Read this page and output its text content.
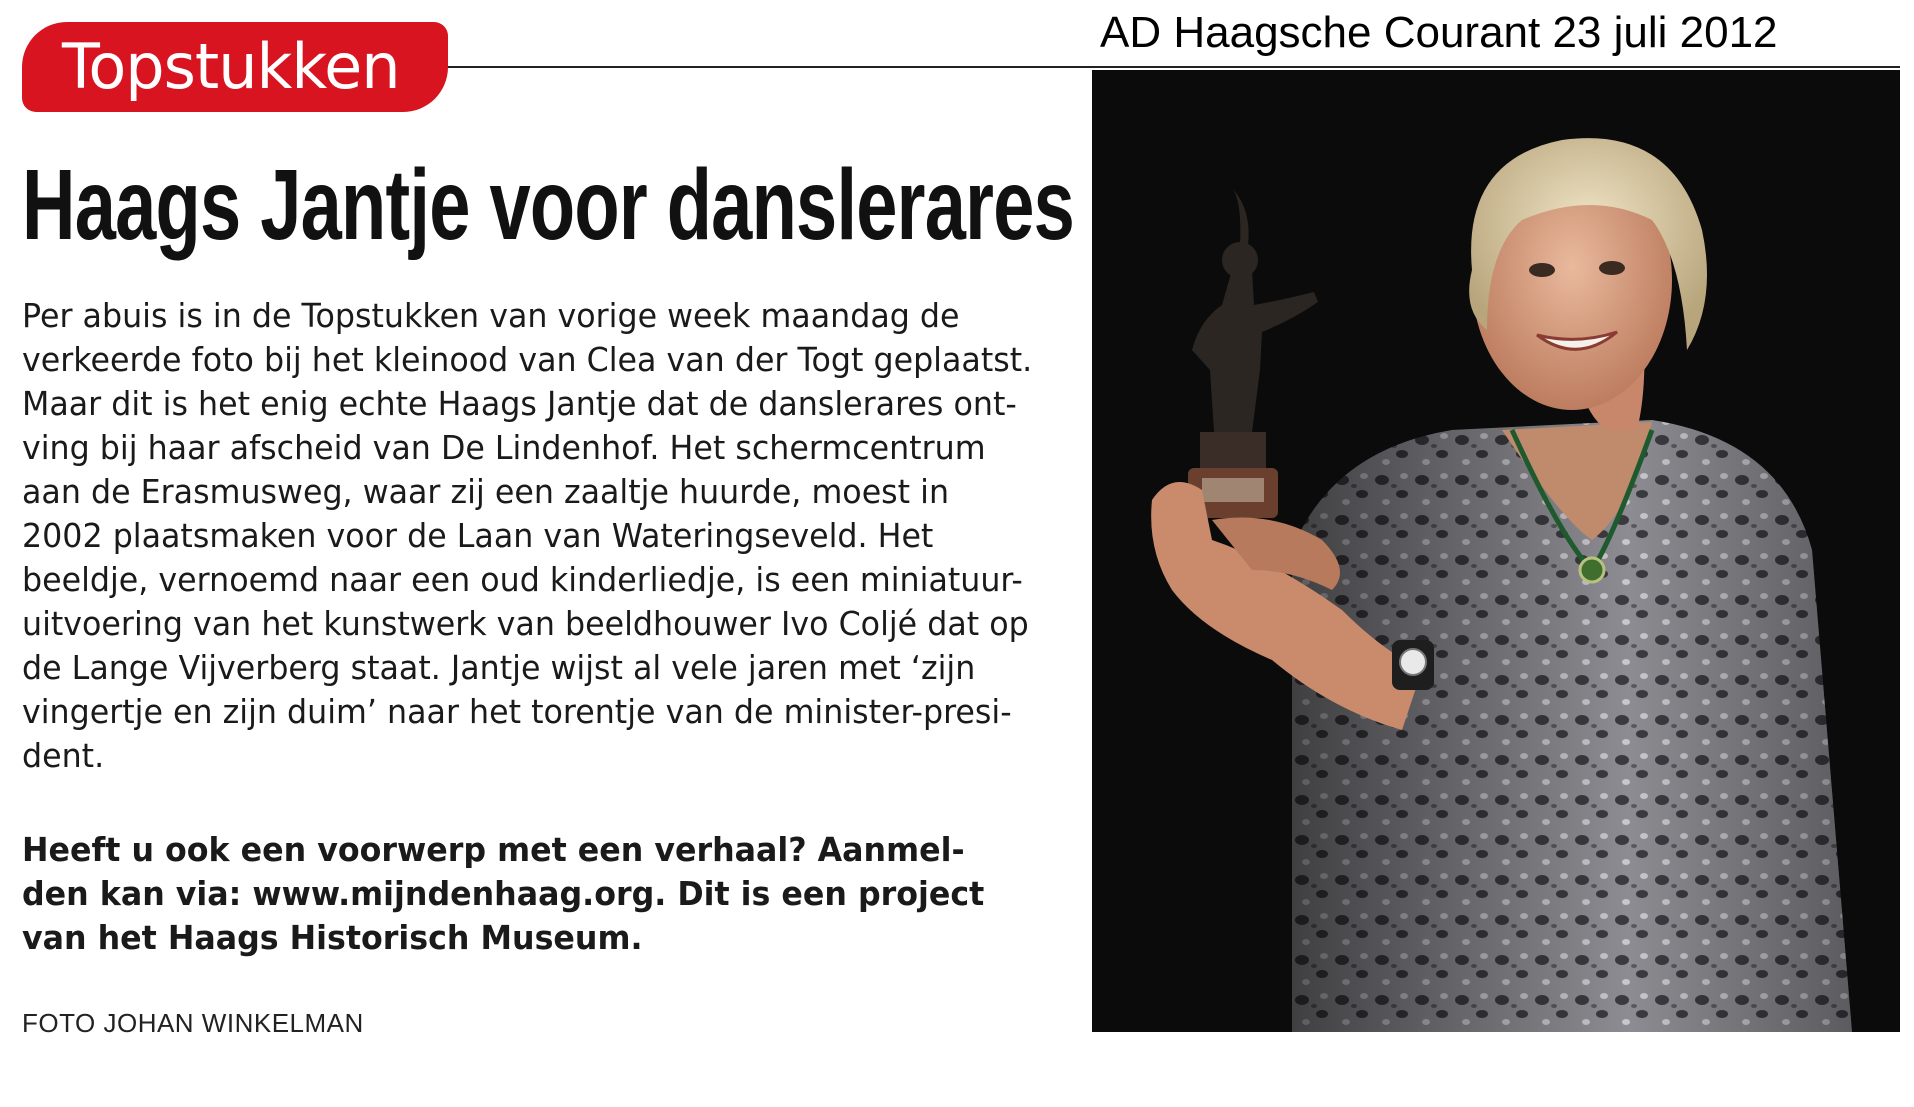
AD Haagsche Courant 23 juli 2012
Topstukken
Haags Jantje voor danslerares
Per abuis is in de Topstukken van vorige week maandag de
verkeerde foto bij het kleinood van Clea van der Togt geplaatst.
Maar dit is het enig echte Haags Jantje dat de danslerares ont-
ving bij haar afscheid van De Lindenhof. Het schermcentrum
aan de Erasmusweg, waar zij een zaaltje huurde, moest in
2002 plaatsmaken voor de Laan van Wateringseveld. Het
beeldje, vernoemd naar een oud kinderliedje, is een miniatuur-
uitvoering van het kunstwerk van beeldhouwer Ivo Coljé dat op
de Lange Vijverberg staat. Jantje wijst al vele jaren met ‘zijn
vingertje en zijn duim’ naar het torentje van de minister-presi-
dent.
Heeft u ook een voorwerp met een verhaal? Aanmel-
den kan via: www.mijndenhaag.org. Dit is een project
van het Haags Historisch Museum.
FOTO JOHAN WINKELMAN
